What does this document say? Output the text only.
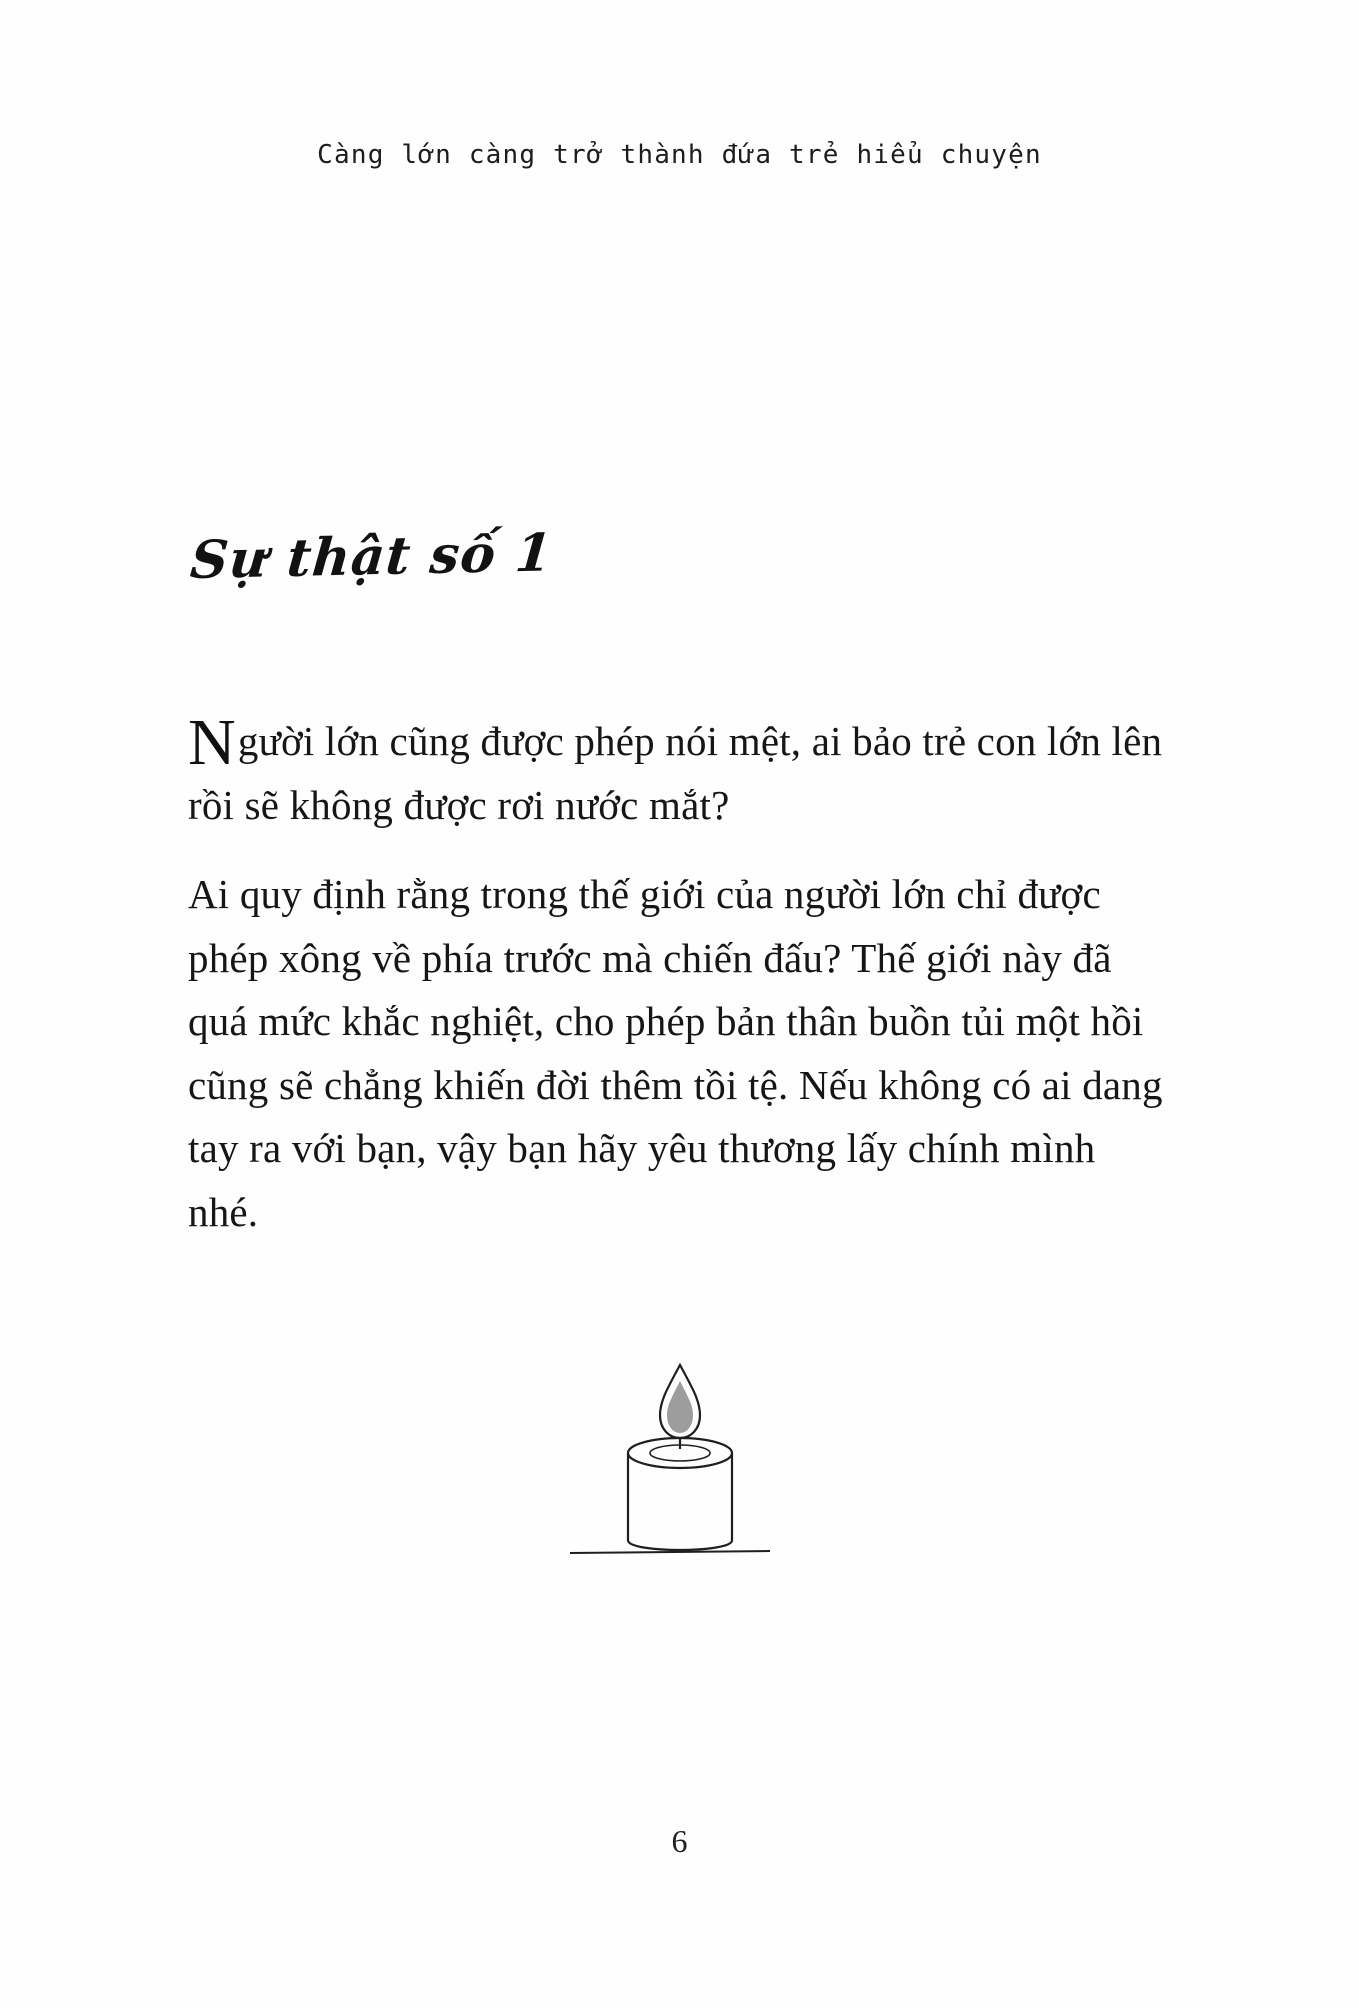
Càng lớn càng trở thành đứa trẻ hiểu chuyện
Sự thật số 1

Người lớn cũng được phép nói mệt, ai bảo trẻ con lớn lên rồi sẽ không được rơi nước mắt?

Ai quy định rằng trong thế giới của người lớn chỉ được phép xông về phía trước mà chiến đấu? Thế giới này đã quá mức khắc nghiệt, cho phép bản thân buồn tủi một hồi cũng sẽ chẳng khiến đời thêm tồi tệ. Nếu không có ai dang tay ra với bạn, vậy bạn hãy yêu thương lấy chính mình nhé.

6
